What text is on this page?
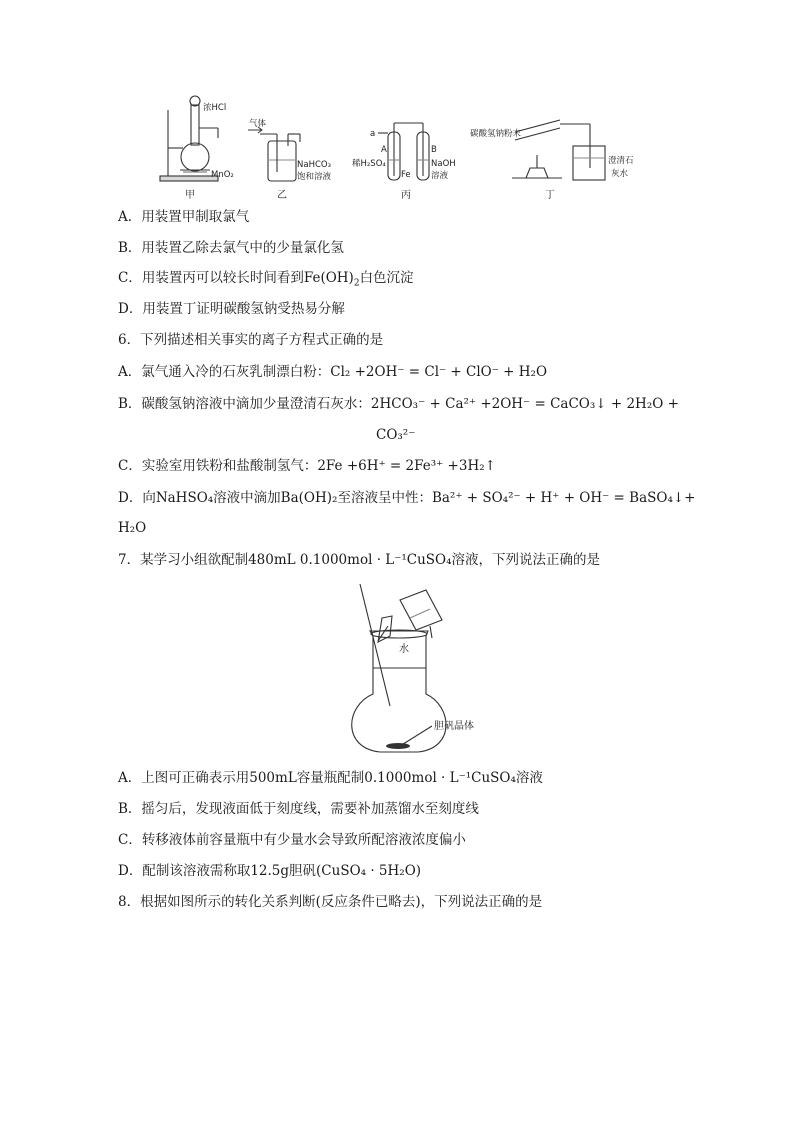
浓HCl
MnO₂
甲
气体
NaHCO₃
饱和溶液
乙
a
A	B
稀H₂SO₄
Fe
NaOH
溶液
丙
碳酸氢钠粉末
澄清石
灰水
丁
A．用装置甲制取氯气
B．用装置乙除去氯气中的少量氯化氢
C．用装置丙可以较长时间看到$Fe(OH)_2$白色沉淀
D．用装置丁证明碳酸氢钠受热易分解
6．下列描述相关事实的离子方程式正确的是
A．氯气通入冷的石灰乳制漂白粉：Cl₂ +2OH⁻ = Cl⁻ + ClO⁻ + H₂O
B．碳酸氢钠溶液中滴加少量澄清石灰水：2HCO₃⁻ + Ca²⁺ +2OH⁻ = CaCO₃↓ + 2H₂O +
CO₃²⁻
C．实验室用铁粉和盐酸制氢气：2Fe +6H⁺ = 2Fe³⁺ +3H₂↑
D．向NaHSO₄溶液中滴加Ba(OH)₂至溶液呈中性：Ba²⁺ + SO₄²⁻ + H⁺ + OH⁻ = BaSO₄↓+
H₂O
7．某学习小组欲配制480mL 0.1000mol · L⁻¹CuSO₄溶液，下列说法正确的是
水
胆矾晶体
A．上图可正确表示用500mL容量瓶配制0.1000mol · L⁻¹CuSO₄溶液
B．摇匀后，发现液面低于刻度线，需要补加蒸馏水至刻度线
C．转移液体前容量瓶中有少量水会导致所配溶液浓度偏小
D．配制该溶液需称取12.5g胆矾(CuSO₄ · 5H₂O)
8．根据如图所示的转化关系判断(反应条件已略去)，下列说法正确的是
